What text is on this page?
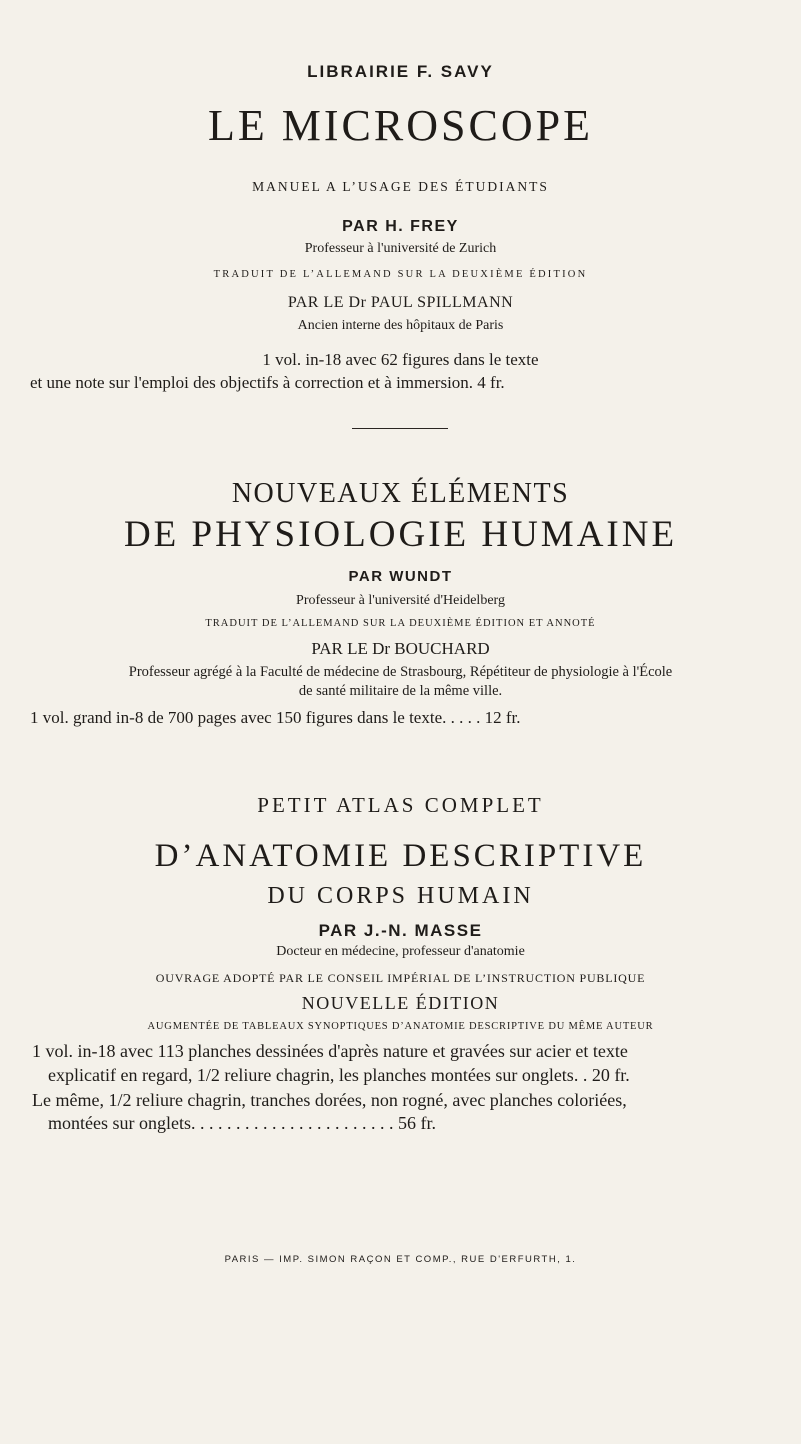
LIBRAIRIE F. SAVY
LE MICROSCOPE
MANUEL A L’USAGE DES ÉTUDIANTS
PAR H. FREY
Professeur à l'université de Zurich
TRADUIT DE L’ALLEMAND SUR LA DEUXIÈME ÉDITION
PAR LE Dr PAUL SPILLMANN
Ancien interne des hôpitaux de Paris
1 vol. in-18 avec 62 figures dans le texte
et une note sur l'emploi des objectifs à correction et à immersion. 4 fr.
NOUVEAUX ÉLÉMENTS
DE PHYSIOLOGIE HUMAINE
PAR WUNDT
Professeur à l'université d'Heidelberg
TRADUIT DE L’ALLEMAND SUR LA DEUXIÈME ÉDITION ET ANNOTÉ
PAR LE Dr BOUCHARD
Professeur agrégé à la Faculté de médecine de Strasbourg, Répétiteur de physiologie à l'École
de santé militaire de la même ville.
1 vol. grand in-8 de 700 pages avec 150 figures dans le texte. . . . . 12 fr.
PETIT ATLAS COMPLET
D’ANATOMIE DESCRIPTIVE
DU CORPS HUMAIN
PAR J.-N. MASSE
Docteur en médecine, professeur d'anatomie
OUVRAGE ADOPTÉ PAR LE CONSEIL IMPÉRIAL DE L’INSTRUCTION PUBLIQUE
NOUVELLE ÉDITION
AUGMENTÉE DE TABLEAUX SYNOPTIQUES D’ANATOMIE DESCRIPTIVE DU MÊME AUTEUR
1 vol. in-18 avec 113 planches dessinées d'après nature et gravées sur acier et texte
explicatif en regard, 1/2 reliure chagrin, les planches montées sur onglets. . 20 fr.
Le même, 1/2 reliure chagrin, tranches dorées, non rogné, avec planches coloriées,
montées sur onglets. . . . . . . . . . . . . . . . . . . . . . . 56 fr.
PARIS — IMP. SIMON RAÇON ET COMP., RUE D'ERFURTH, 1.
